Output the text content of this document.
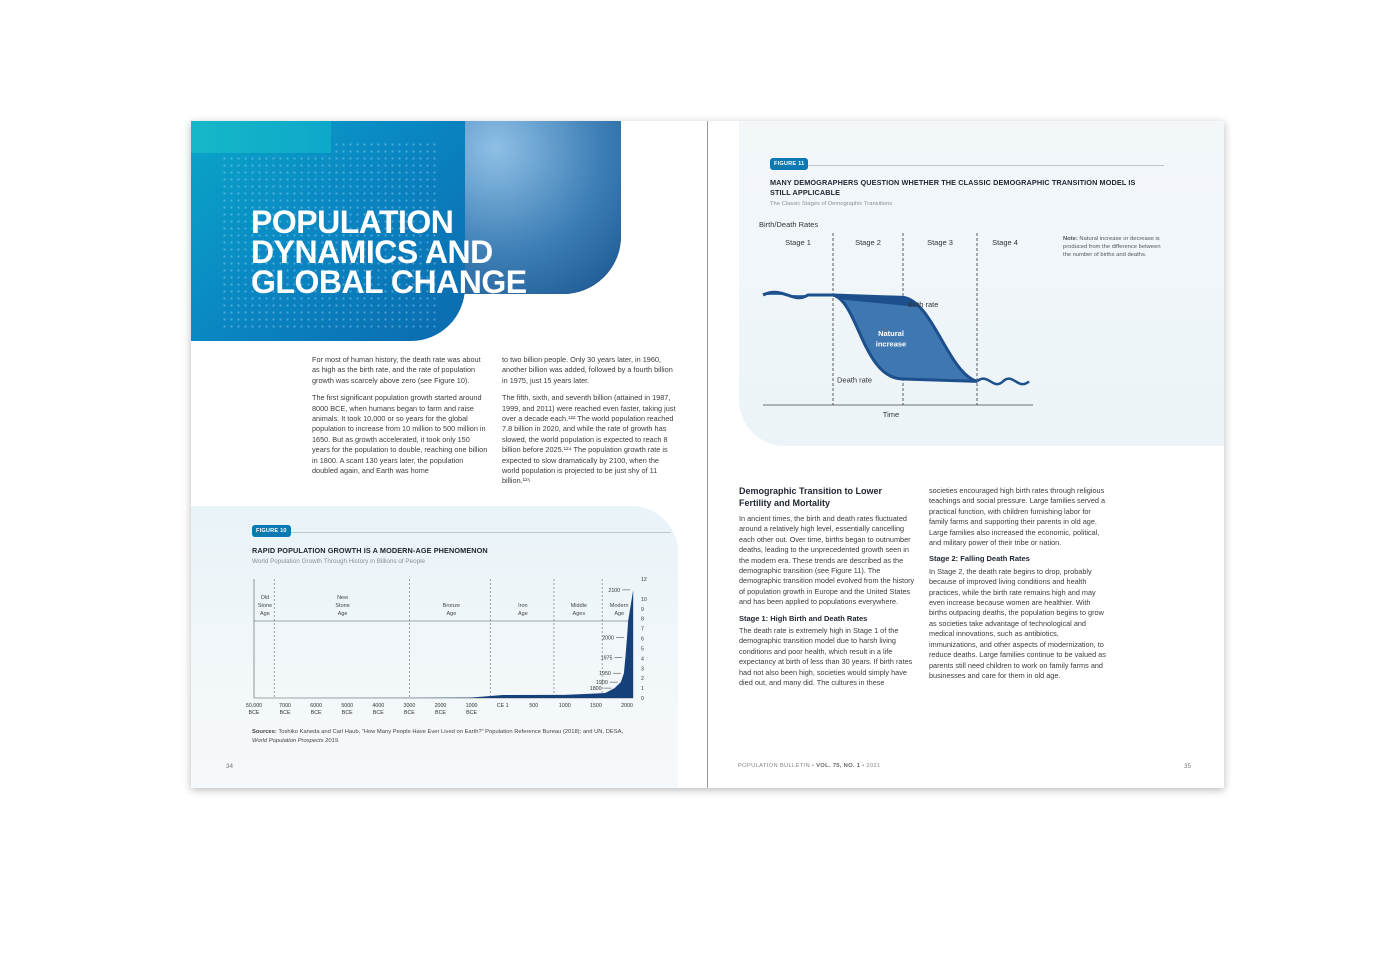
POPULATION
DYNAMICS AND
GLOBAL CHANGE

For most of human history, the death rate was about as high as the birth rate, and the rate of population growth was scarcely above zero (see Figure 10).

The first significant population growth started around 8000 BCE, when humans began to farm and raise animals. It took 10,000 or so years for the global population to increase from 10 million to 500 million in 1650. But as growth accelerated, it took only 150 years for the population to double, reaching one billion in 1800. A scant 130 years later, the population doubled again, and Earth was home

to two billion people. Only 30 years later, in 1960, another billion was added, followed by a fourth billion in 1975, just 15 years later.

The fifth, sixth, and seventh billion (attained in 1987, 1999, and 2011) were reached even faster, taking just over a decade each.¹²² The world population reached 7.8 billion in 2020, and while the rate of growth has slowed, the world population is expected to reach 8 billion before 2025.¹²⁴ The population growth rate is expected to slow dramatically by 2100, when the world population is projected to be just shy of 11 billion.¹²⁵

FIGURE 10
RAPID POPULATION GROWTH IS A MODERN-AGE PHENOMENON
World Population Growth Through History in Billions of People
Old
Stone
Age
New
Stone
Age
Bronze
Age
Iron
Age
Middle
Ages
Modern
Age
0
1
2
3
4
5
6
7
8
9
10
12
50,000
BCE
7000
BCE
6000
BCE
5000
BCE
4000
BCE
3000
BCE
2000
BCE
1000
BCE
CE 1	500	1000	1500	2000
2100
2000
1975
1950
1900
1800
Sources: Toshiko Kaneda and Carl Haub, “How Many People Have Ever Lived on Earth?” Population Reference Bureau (2018); and UN, DESA, World Population Prospects 2019.
34
FIGURE 11
MANY DEMOGRAPHERS QUESTION WHETHER THE CLASSIC DEMOGRAPHIC TRANSITION MODEL IS
STILL APPLICABLE
The Classic Stages of Demographic Transitions
Note: Natural increase or decrease is produced from the difference between the number of births and deaths.
Birth/Death Rates
Time
Stage 1	Stage 2	Stage 3	Stage 4
Birth rate
Death rate
Natural
increase
Demographic Transition to Lower
Fertility and Mortality

In ancient times, the birth and death rates fluctuated around a relatively high level, essentially cancelling each other out. Over time, births began to outnumber deaths, leading to the unprecedented growth seen in the modern era. These trends are described as the demographic transition (see Figure 11). The demographic transition model evolved from the history of population growth in Europe and the United States and has been applied to populations everywhere.

Stage 1: High Birth and Death Rates

The death rate is extremely high in Stage 1 of the demographic transition model due to harsh living conditions and poor health, which result in a life expectancy at birth of less than 30 years. If birth rates had not also been high, societies would simply have died out, and many did. The cultures in these

societies encouraged high birth rates through religious teachings and social pressure. Large families served a practical function, with children furnishing labor for family farms and supporting their parents in old age. Large families also increased the economic, political, and military power of their tribe or nation.

Stage 2: Falling Death Rates

In Stage 2, the death rate begins to drop, probably because of improved living conditions and health practices, while the birth rate remains high and may even increase because women are healthier. With births outpacing deaths, the population begins to grow as societies take advantage of technological and medical innovations, such as antibiotics, immunizations, and other aspects of modernization, to reduce deaths. Large families continue to be valued as parents still need children to work on family farms and businesses and care for them in old age.

POPULATION BULLETIN • VOL. 75, NO. 1 • 2021	35
